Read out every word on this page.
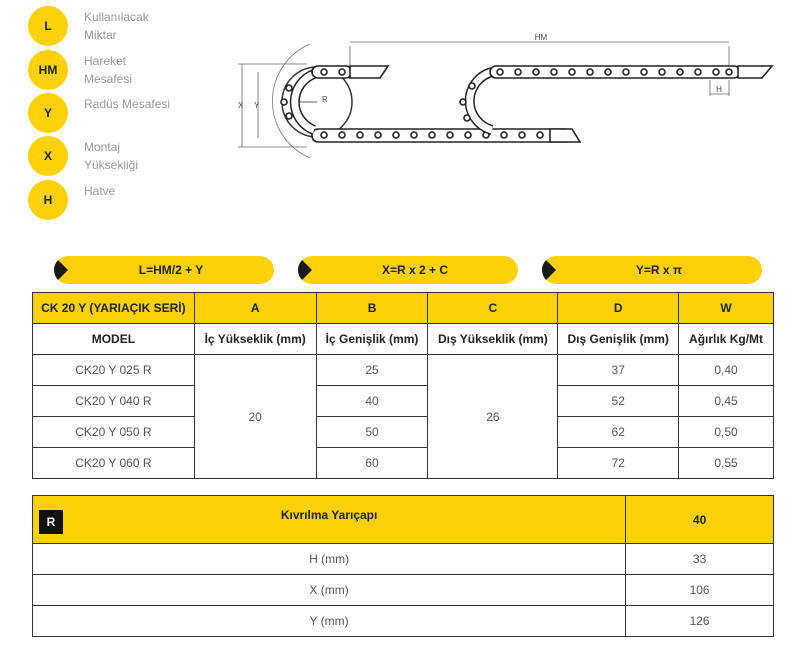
L
Kullanılacak
Miktar
HM
Hareket
Mesafesi
Y
Radüs Mesafesi
X
Montaj
Yüksekliği
H
Hatve
HM
X Y
R
H
L=HM/2 + Y	X=R x 2 + C	Y=R x π
CK 20 Y (YARIAÇIK SERİ)	A	B	C	D	W
MODEL	İç Yükseklik (mm)	İç Genişlik (mm)	Dış Yükseklik (mm)	Dış Genişlik (mm)	Ağırlık Kg/Mt
CK20 Y 025 R	20	25	26	37	0,40
CK20 Y 040 R		40		52	0,45
CK20 Y 050 R		50		62	0,50
CK20 Y 060 R		60		72	0,55
R Kıvrılma Yarıçapı	40
H (mm)	33
X (mm)	106
Y (mm)	126
